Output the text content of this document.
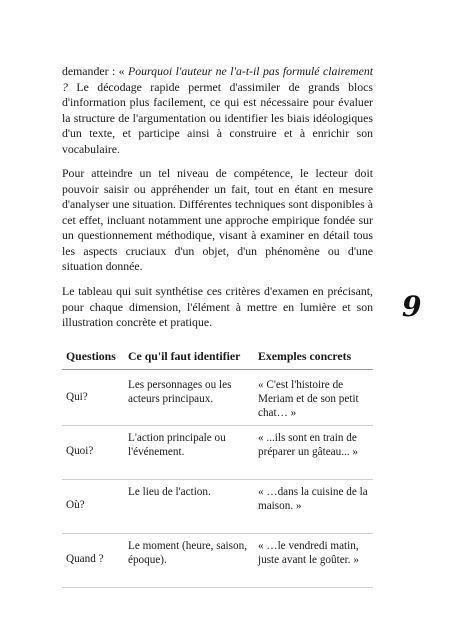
demander : « Pourquoi l'auteur ne l'a-t-il pas formulé clairement ? Le décodage rapide permet d'assimiler de grands blocs d'information plus facilement, ce qui est nécessaire pour évaluer la structure de l'argumentation ou identifier les biais idéologiques d'un texte, et participe ainsi à construire et à enrichir son vocabulaire.

Pour atteindre un tel niveau de compétence, le lecteur doit pouvoir saisir ou appréhender un fait, tout en étant en mesure d'analyser une situation. Différentes techniques sont disponibles à cet effet, incluant notamment une approche empirique fondée sur un questionnement méthodique, visant à examiner en détail tous les aspects cruciaux d'un objet, d'un phénomène ou d'une situation donnée.

Le tableau qui suit synthétise ces critères d'examen en précisant, pour chaque dimension, l'élément à mettre en lumière et son illustration concrète et pratique.	9
Questions	Ce qu'il faut identifier	Exemples concrets
Qui?	Les personnages ou les acteurs principaux.	« C'est l'histoire de Meriam et de son petit chat… »
Quoi?	L'action principale ou l'événement.	« ...ils sont en train de préparer un gâteau... »
Où?	Le lieu de l'action.	« …dans la cuisine de la maison. »
Quand ?	Le moment (heure, saison, époque).	« …le vendredi matin, juste avant le goûter. »
